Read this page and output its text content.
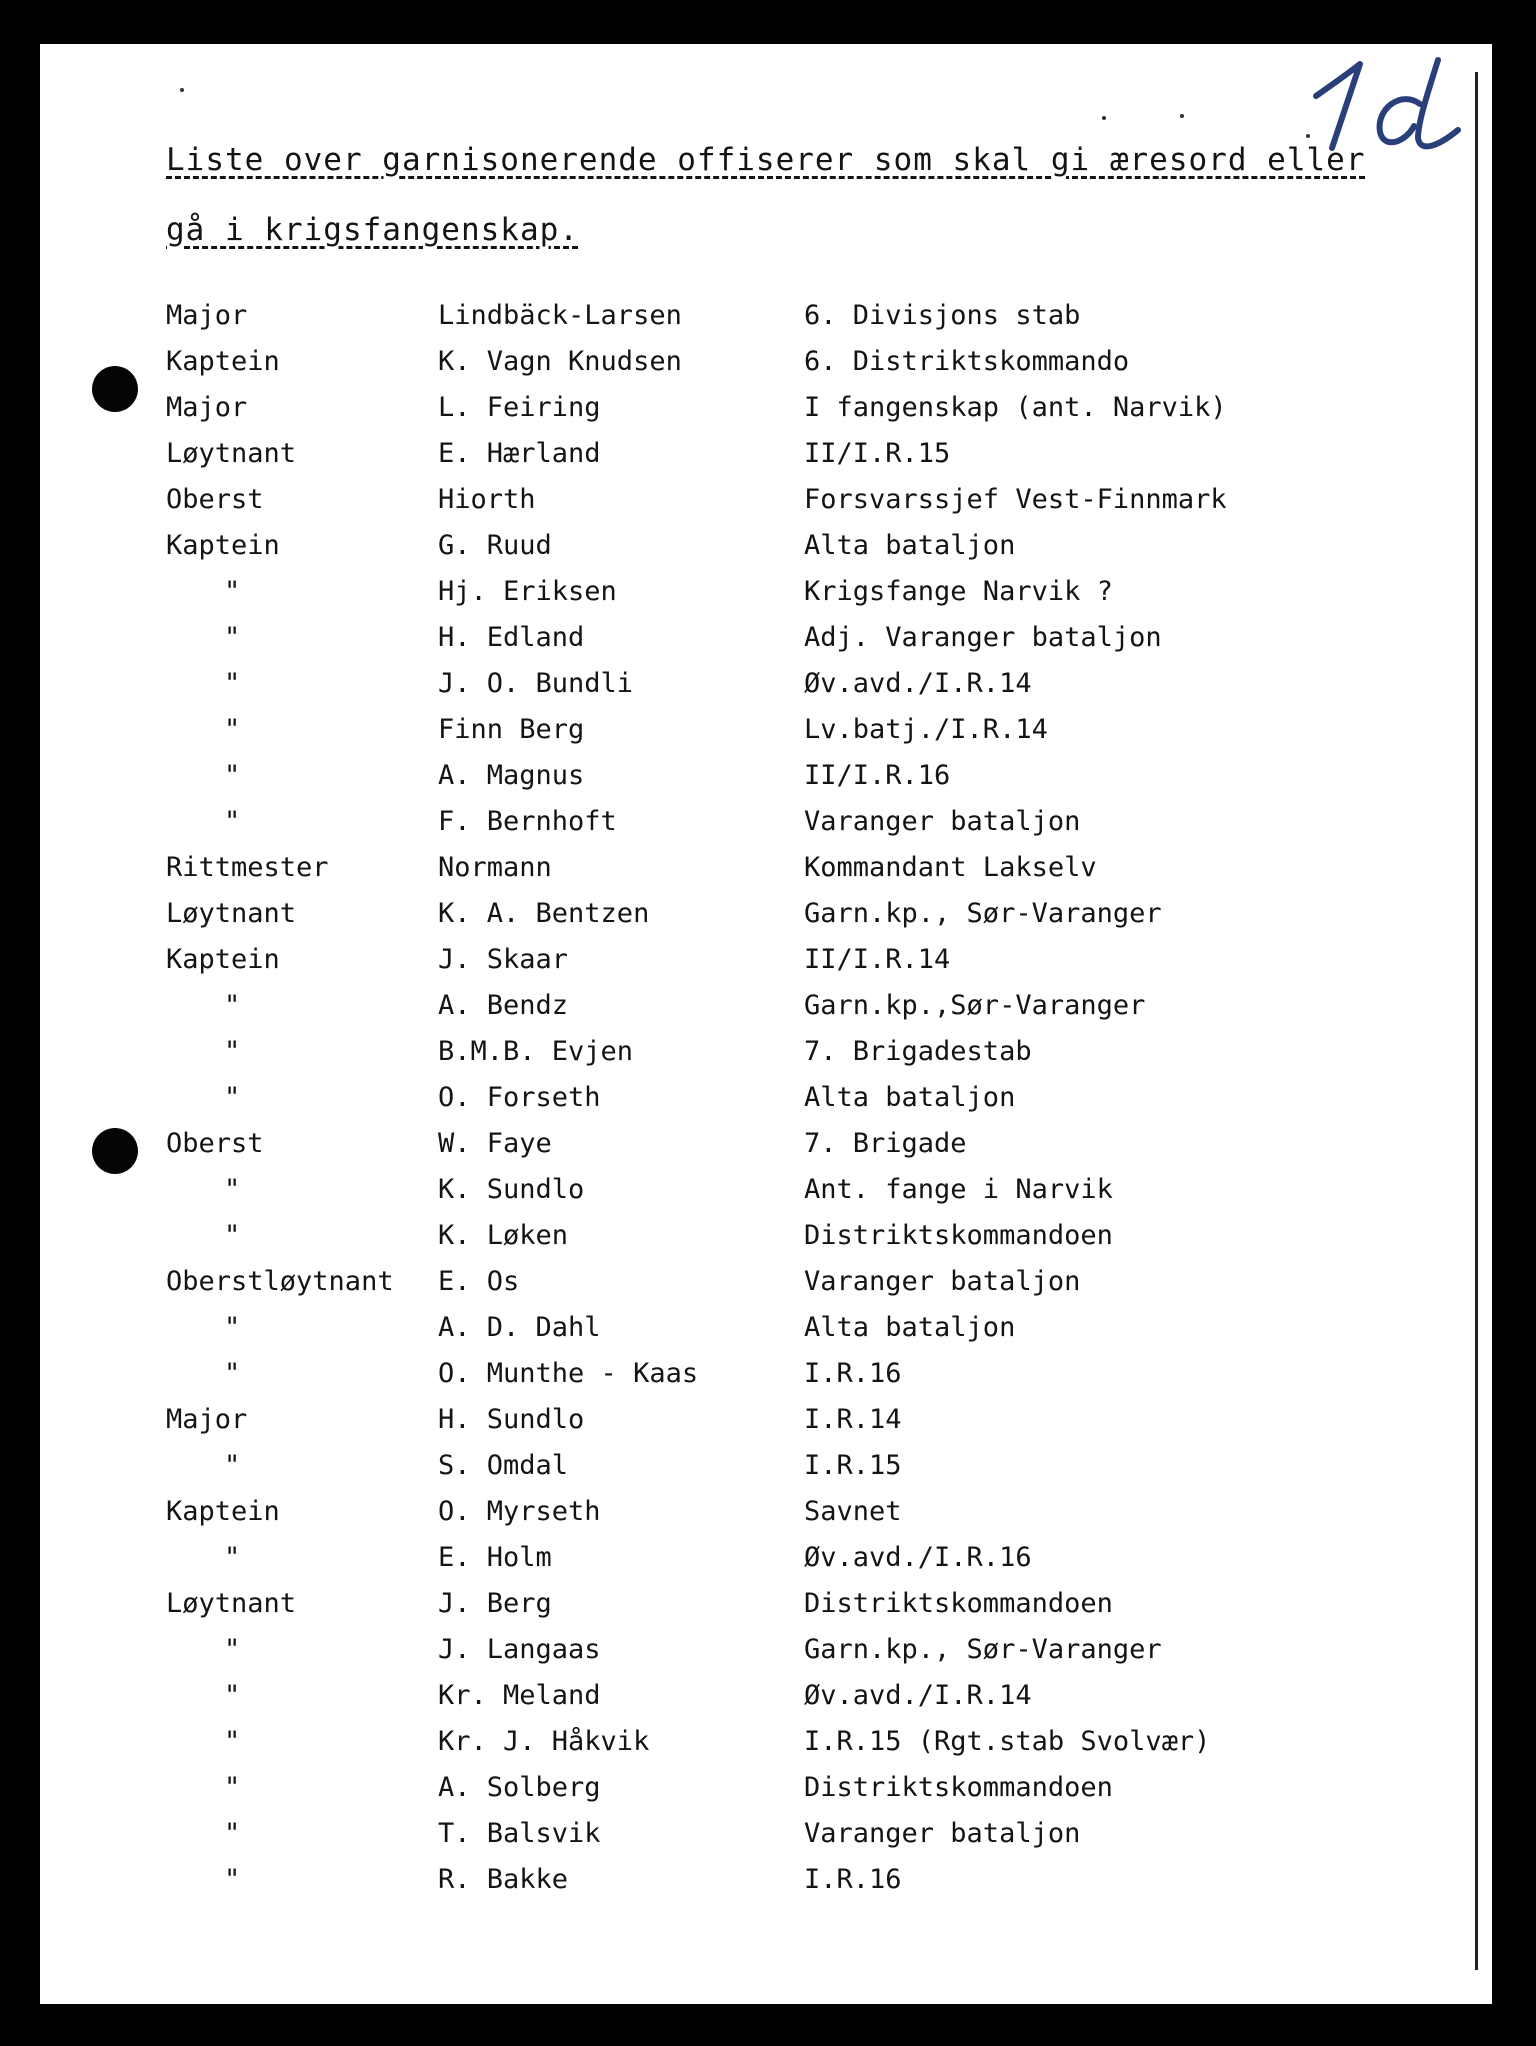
Liste over garnisonerende offiserer som skal gi æresord eller
gå i krigsfangenskap.
Major	Lindbäck-Larsen	6. Divisjons stab
Kaptein	K. Vagn Knudsen	6. Distriktskommando
Major	L. Feiring	I fangenskap (ant. Narvik)
Løytnant	E. Hærland	II/I.R.15
Oberst	Hiorth	Forsvarssjef Vest-Finnmark
Kaptein	G. Ruud	Alta bataljon
"	Hj. Eriksen	Krigsfange Narvik ?
"	H. Edland	Adj. Varanger bataljon
"	J. O. Bundli	Øv.avd./I.R.14
"	Finn Berg	Lv.batj./I.R.14
"	A. Magnus	II/I.R.16
"	F. Bernhoft	Varanger bataljon
Rittmester	Normann	Kommandant Lakselv
Løytnant	K. A. Bentzen	Garn.kp., Sør-Varanger
Kaptein	J. Skaar	II/I.R.14
"	A. Bendz	Garn.kp.,Sør-Varanger
"	B.M.B. Evjen	7. Brigadestab
"	O. Forseth	Alta bataljon
Oberst	W. Faye	7. Brigade
"	K. Sundlo	Ant. fange i Narvik
"	K. Løken	Distriktskommandoen
Oberstløytnant E. Os	Varanger bataljon
"	A. D. Dahl	Alta bataljon
"	O. Munthe - Kaas	I.R.16
Major	H. Sundlo	I.R.14
"	S. Omdal	I.R.15
Kaptein	O. Myrseth	Savnet
"	E. Holm	Øv.avd./I.R.16
Løytnant	J. Berg	Distriktskommandoen
"	J. Langaas	Garn.kp., Sør-Varanger
"	Kr. Meland	Øv.avd./I.R.14
"	Kr. J. Håkvik	I.R.15 (Rgt.stab Svolvær)
"	A. Solberg	Distriktskommandoen
"	T. Balsvik	Varanger bataljon
"	R. Bakke	I.R.16
